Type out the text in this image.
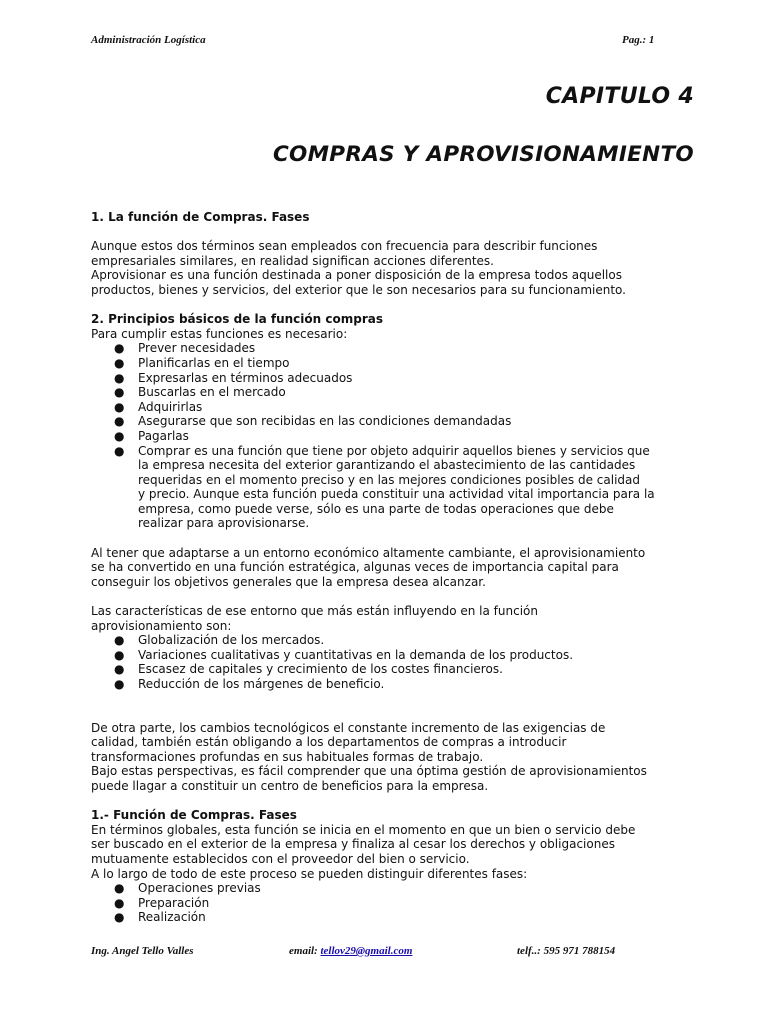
Administración Logística	Pag.: 1
CAPITULO 4
COMPRAS Y APROVISIONAMIENTO

1. La función de Compras. Fases

Aunque estos dos términos sean empleados con frecuencia para describir funciones

empresariales similares, en realidad significan acciones diferentes.

Aprovisionar es una función destinada a poner disposición de la empresa todos aquellos

productos, bienes y servicios, del exterior que le son necesarios para su funcionamiento.

2. Principios básicos de la función compras

Para cumplir estas funciones es necesario:

● Prever necesidades
● Planificarlas en el tiempo
● Expresarlas en términos adecuados
● Buscarlas en el mercado
● Adquirirlas
● Asegurarse que son recibidas en las condiciones demandadas
● Pagarlas
● Comprar es una función que tiene por objeto adquirir aquellos bienes y servicios que
la empresa necesita del exterior garantizando el abastecimiento de las cantidades
requeridas en el momento preciso y en las mejores condiciones posibles de calidad
y precio. Aunque esta función pueda constituir una actividad vital importancia para la
empresa, como puede verse, sólo es una parte de todas operaciones que debe
realizar para aprovisionarse.

Al tener que adaptarse a un entorno económico altamente cambiante, el aprovisionamiento

se ha convertido en una función estratégica, algunas veces de importancia capital para

conseguir los objetivos generales que la empresa desea alcanzar.

Las características de ese entorno que más están influyendo en la función

aprovisionamiento son:

● Globalización de los mercados.
● Variaciones cualitativas y cuantitativas en la demanda de los productos.
● Escasez de capitales y crecimiento de los costes financieros.
● Reducción de los márgenes de beneficio.

De otra parte, los cambios tecnológicos el constante incremento de las exigencias de

calidad, también están obligando a los departamentos de compras a introducir

transformaciones profundas en sus habituales formas de trabajo.

Bajo estas perspectivas, es fácil comprender que una óptima gestión de aprovisionamientos

puede llagar a constituir un centro de beneficios para la empresa.

1.- Función de Compras. Fases

En términos globales, esta función se inicia en el momento en que un bien o servicio debe

ser buscado en el exterior de la empresa y finaliza al cesar los derechos y obligaciones

mutuamente establecidos con el proveedor del bien o servicio.

A lo largo de todo de este proceso se pueden distinguir diferentes fases:

● Operaciones previas
● Preparación
● Realización
Ing. Angel Tello Valles	email: tellov29@gmail.com	telf..: 595 971 788154
